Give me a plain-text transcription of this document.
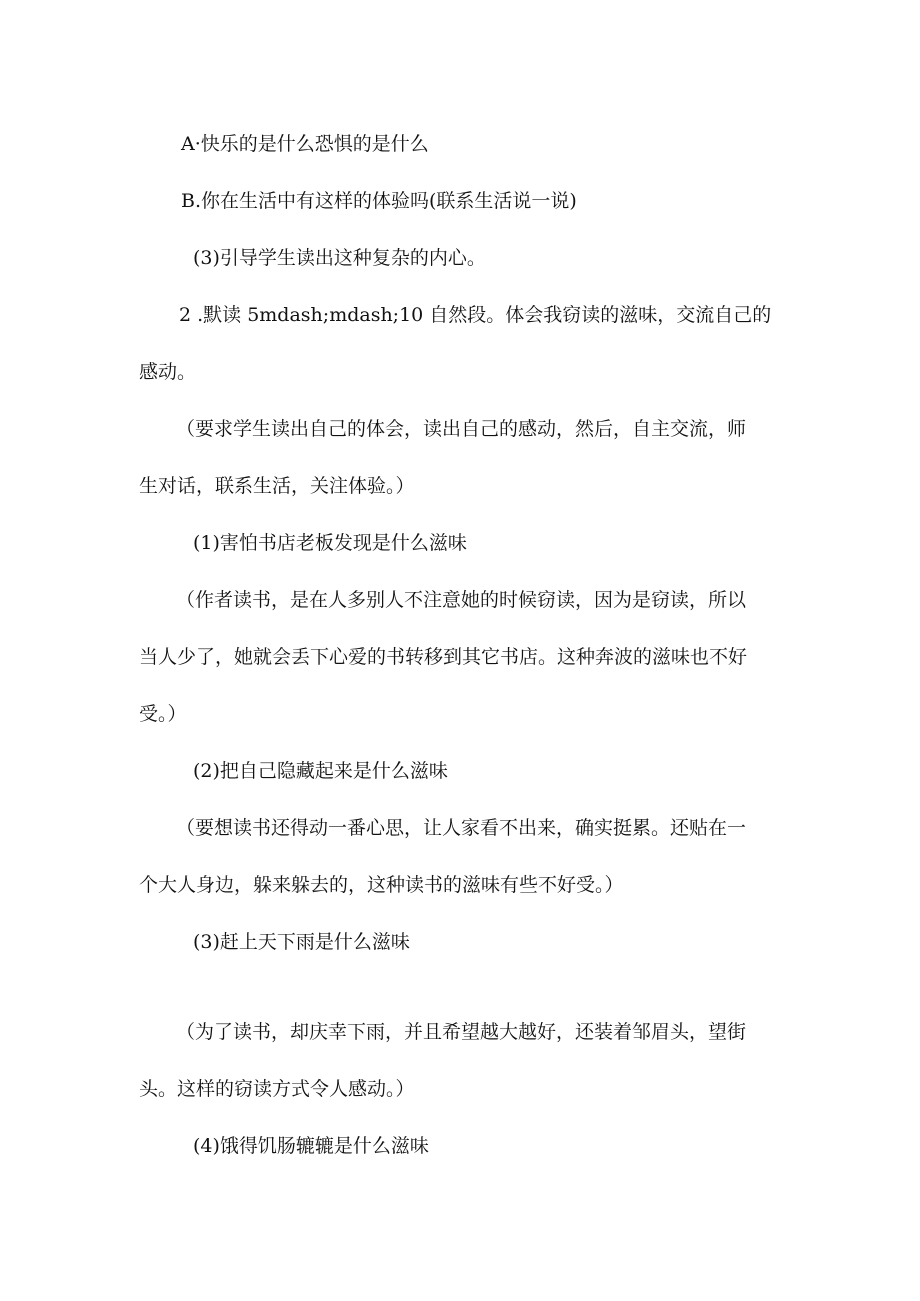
A·快乐的是什么恐惧的是什么
B.你在生活中有这样的体验吗(联系生活说一说)
(3)引导学生读出这种复杂的内心。
2 .默读 5mdash;mdash;10 自然段。体会我窃读的滋味，交流自己的
感动。
（要求学生读出自己的体会，读出自己的感动，然后，自主交流，师
生对话，联系生活，关注体验。）
(1)害怕书店老板发现是什么滋味
（作者读书，是在人多别人不注意她的时候窃读，因为是窃读，所以
当人少了，她就会丢下心爱的书转移到其它书店。这种奔波的滋味也不好
受。）
(2)把自己隐藏起来是什么滋味
（要想读书还得动一番心思，让人家看不出来，确实挺累。还贴在一
个大人身边，躲来躲去的，这种读书的滋味有些不好受。）
(3)赶上天下雨是什么滋味
（为了读书，却庆幸下雨，并且希望越大越好，还装着邹眉头，望街
头。这样的窃读方式令人感动。）
(4)饿得饥肠辘辘是什么滋味
